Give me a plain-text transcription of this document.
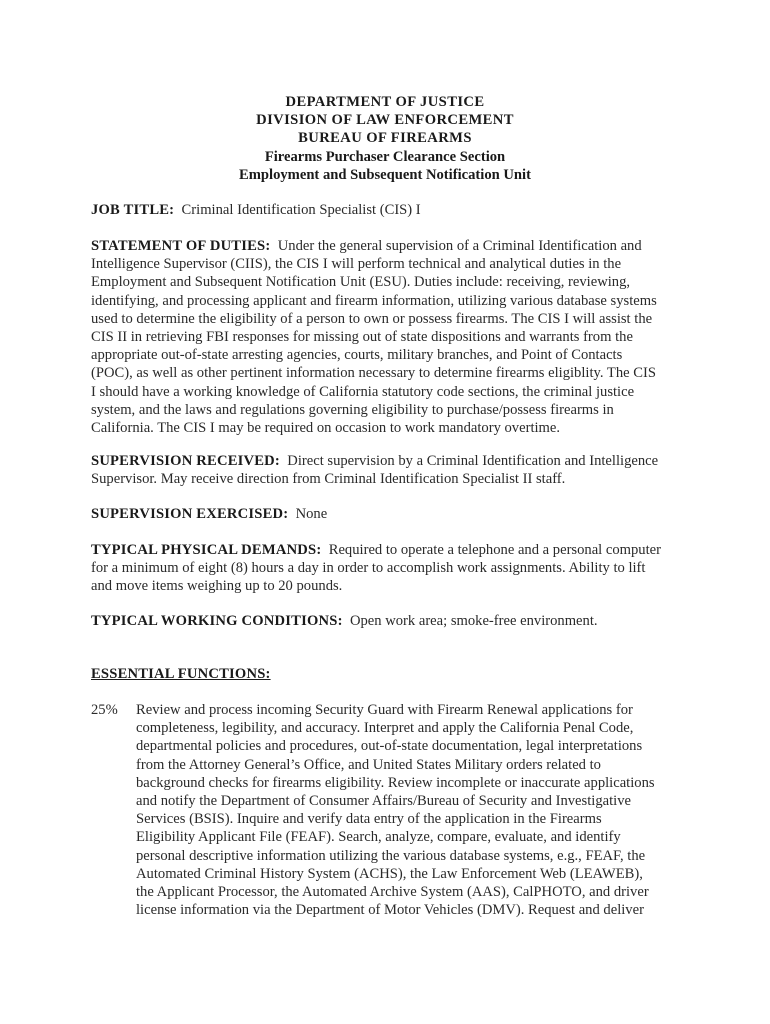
DEPARTMENT OF JUSTICE
DIVISION OF LAW ENFORCEMENT
BUREAU OF FIREARMS
Firearms Purchaser Clearance Section
Employment and Subsequent Notification Unit
JOB TITLE: Criminal Identification Specialist (CIS) I
STATEMENT OF DUTIES: Under the general supervision of a Criminal Identification and
Intelligence Supervisor (CIIS), the CIS I will perform technical and analytical duties in the
Employment and Subsequent Notification Unit (ESU). Duties include: receiving, reviewing,
identifying, and processing applicant and firearm information, utilizing various database systems
used to determine the eligibility of a person to own or possess firearms. The CIS I will assist the
CIS II in retrieving FBI responses for missing out of state dispositions and warrants from the
appropriate out-of-state arresting agencies, courts, military branches, and Point of Contacts
(POC), as well as other pertinent information necessary to determine firearms eligiblity. The CIS
I should have a working knowledge of California statutory code sections, the criminal justice
system, and the laws and regulations governing eligibility to purchase/possess firearms in
California. The CIS I may be required on occasion to work mandatory overtime.
SUPERVISION RECEIVED: Direct supervision by a Criminal Identification and Intelligence
Supervisor. May receive direction from Criminal Identification Specialist II staff.
SUPERVISION EXERCISED: None
TYPICAL PHYSICAL DEMANDS: Required to operate a telephone and a personal computer
for a minimum of eight (8) hours a day in order to accomplish work assignments. Ability to lift
and move items weighing up to 20 pounds.
TYPICAL WORKING CONDITIONS: Open work area; smoke-free environment.
ESSENTIAL FUNCTIONS:
25% Review and process incoming Security Guard with Firearm Renewal applications for
completeness, legibility, and accuracy. Interpret and apply the California Penal Code,
departmental policies and procedures, out-of-state documentation, legal interpretations
from the Attorney General’s Office, and United States Military orders related to
background checks for firearms eligibility. Review incomplete or inaccurate applications
and notify the Department of Consumer Affairs/Bureau of Security and Investigative
Services (BSIS). Inquire and verify data entry of the application in the Firearms
Eligibility Applicant File (FEAF). Search, analyze, compare, evaluate, and identify
personal descriptive information utilizing the various database systems, e.g., FEAF, the
Automated Criminal History System (ACHS), the Law Enforcement Web (LEAWEB),
the Applicant Processor, the Automated Archive System (AAS), CalPHOTO, and driver
license information via the Department of Motor Vehicles (DMV). Request and deliver
